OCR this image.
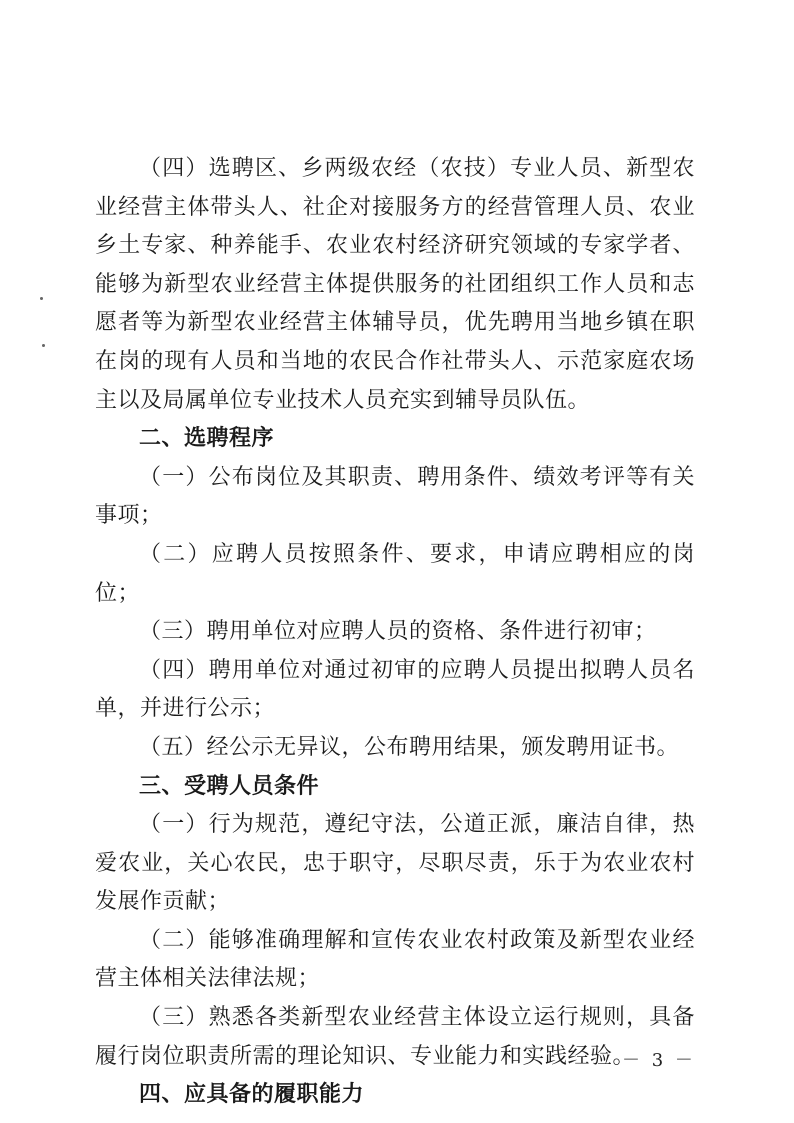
（四）选聘区、乡两级农经（农技）专业人员、新型农业经营主体带头人、社企对接服务方的经营管理人员、农业乡土专家、种养能手、农业农村经济研究领域的专家学者、能够为新型农业经营主体提供服务的社团组织工作人员和志愿者等为新型农业经营主体辅导员，优先聘用当地乡镇在职在岗的现有人员和当地的农民合作社带头人、示范家庭农场主以及局属单位专业技术人员充实到辅导员队伍。

二、选聘程序

（一）公布岗位及其职责、聘用条件、绩效考评等有关事项；

（二）应聘人员按照条件、要求，申请应聘相应的岗位；

（三）聘用单位对应聘人员的资格、条件进行初审；

（四）聘用单位对通过初审的应聘人员提出拟聘人员名单，并进行公示；

（五）经公示无异议，公布聘用结果，颁发聘用证书。

三、受聘人员条件

（一）行为规范，遵纪守法，公道正派，廉洁自律，热爱农业，关心农民，忠于职守，尽职尽责，乐于为农业农村发展作贡献；

（二）能够准确理解和宣传农业农村政策及新型农业经营主体相关法律法规；

（三）熟悉各类新型农业经营主体设立运行规则，具备履行岗位职责所需的理论知识、专业能力和实践经验。

四、应具备的履职能力

－ 3 －
